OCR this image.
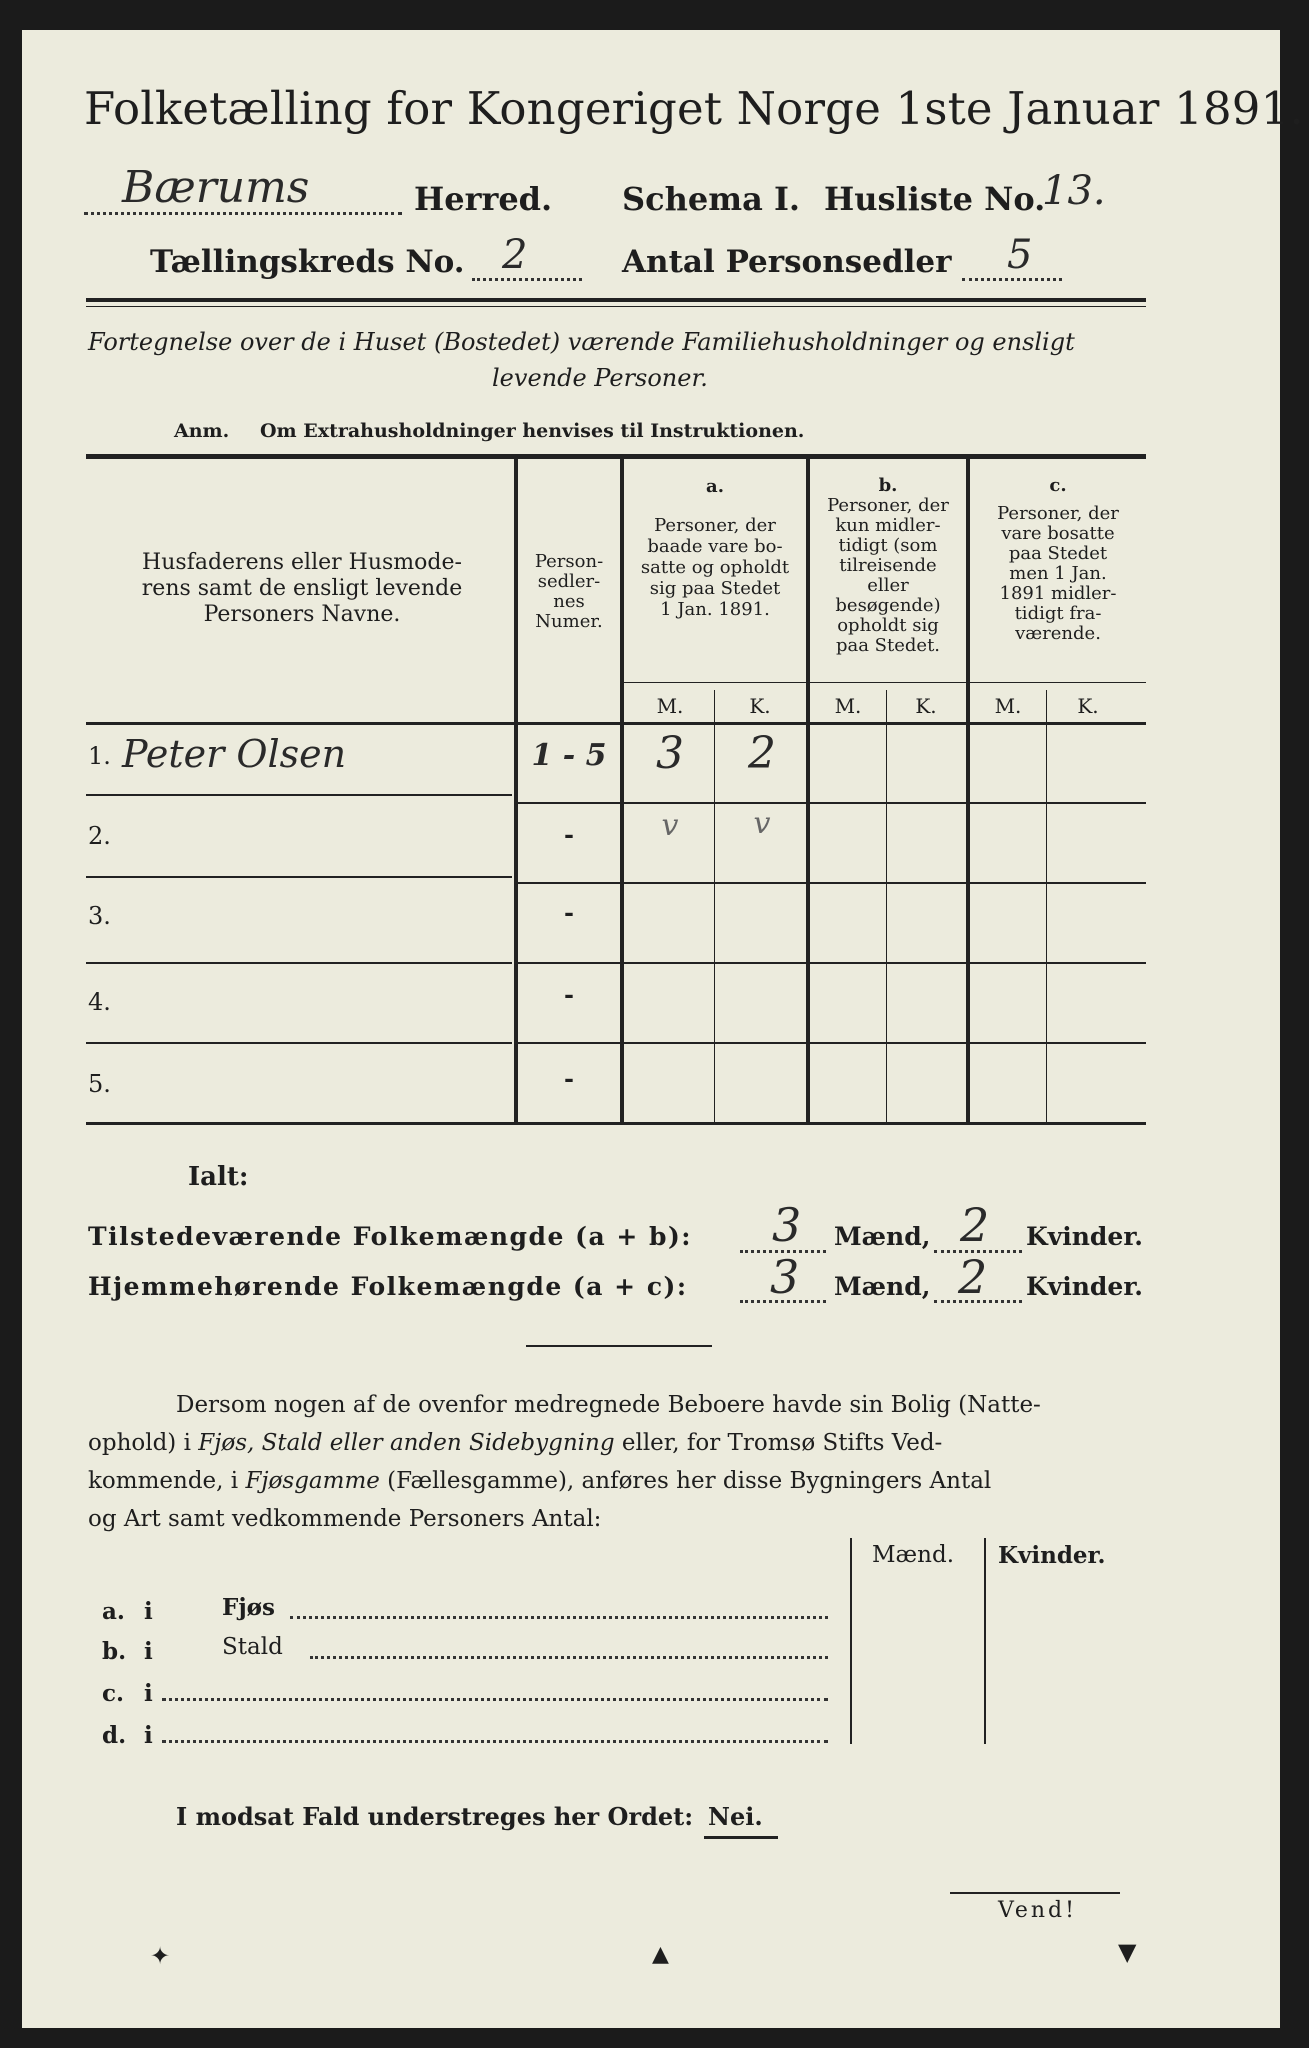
Folketælling for Kongeriget Norge 1ste Januar 1891.
Bærums	Herred. Schema I. Husliste No.
13.
Tællingskreds No. 2	Antal Personsedler 5
Fortegnelse over de i Huset (Bostedet) værende Familiehusholdninger og ensligt
levende Personer.
Anm. Om Extrahusholdninger henvises til Instruktionen.
Husfaderens eller Husmode-
rens samt de ensligt levende
Personers Navne.
Person-
sedler-
nes
Numer.
a.
Personer, der
baade vare bo-
satte og opholdt
sig paa Stedet
1 Jan. 1891.
b.
Personer, der
kun midler-
tidigt (som
tilreisende
eller
besøgende)
opholdt sig
paa Stedet.
c.
Personer, der
vare bosatte
paa Stedet
men 1 Jan.
1891 midler-
tidigt fra-
værende.
M.	K.	M.	K.	M.	K.
1. Peter Olsen	1 - 5	3	2
2.	-	v	v
3.	-
4.	-
5.	-
Ialt:
Tilstedeværende Folkemængde (a + b): 3 Mænd, 2 Kvinder.
Hjemmehørende Folkemængde (a + c): 3 Mænd, 2 Kvinder.
Dersom nogen af de ovenfor medregnede Beboere havde sin Bolig (Natte-
ophold) i Fjøs, Stald eller anden Sidebygning eller, for Tromsø Stifts Ved-
kommende, i Fjøsgamme (Fællesgamme), anføres her disse Bygningers Antal
og Art samt vedkommende Personers Antal:
Mænd. Kvinder.
a. i	Fjøs
b. i	Stald
c. i
d. i
I modsat Fald understreges her Ordet: Nei.
Vend!
✦	▲	▼
